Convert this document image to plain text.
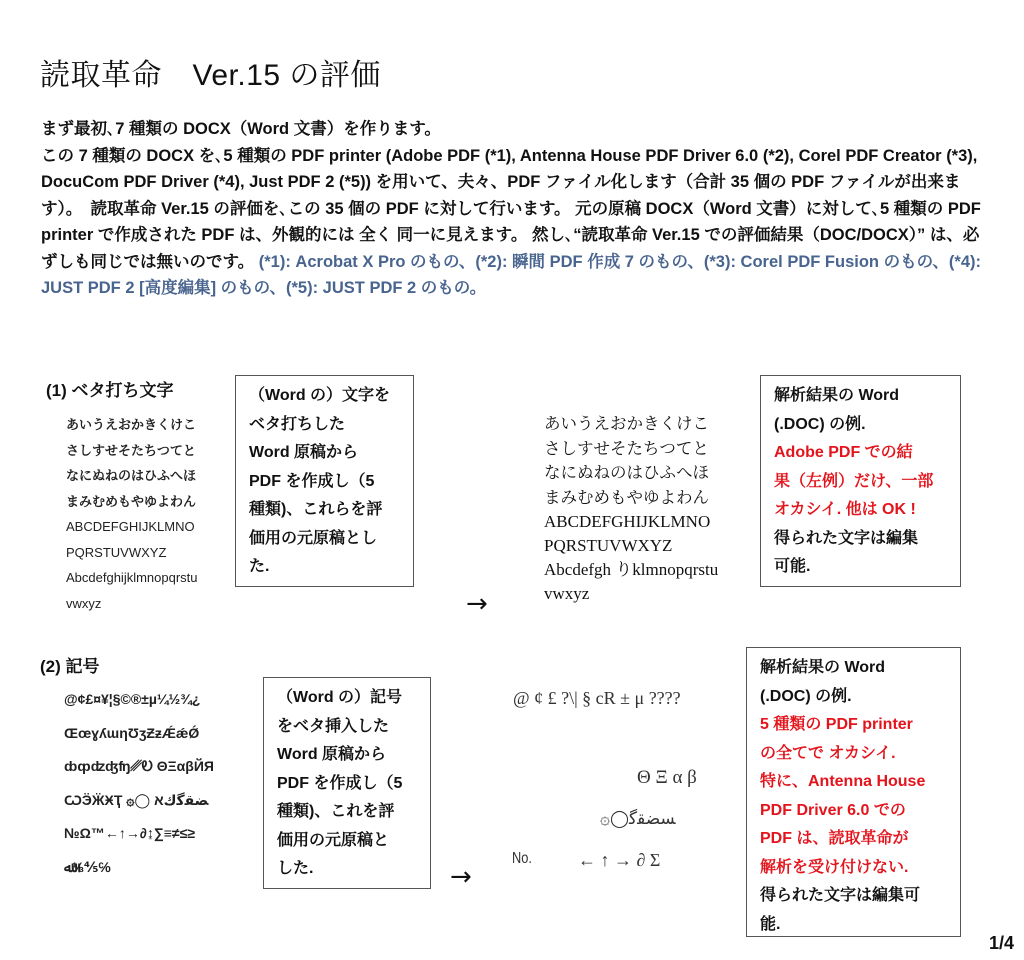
読取革命　Ver.15 の評価
まず最初､7 種類の DOCX（Word 文書）を作ります。
この 7 種類の DOCX を､5 種類の PDF printer (Adobe PDF (*1), Antenna House PDF Driver 6.0 (*2), Corel PDF Creator (*3), DocuCom PDF Driver (*4), Just PDF 2 (*5)) を用いて、夫々、PDF ファイル化します（合計 35 個の PDF ファイルが出来ます）。　読取革命 Ver.15 の評価を､この 35 個の PDF に対して行います。 元の原稿 DOCX（Word 文書）に対して､5 種類の PDF printer で作成された PDF は、外観的には 全く 同一に見えます。 然し､“読取革命 Ver.15 での評価結果（DOC/DOCX）” は、必ずしも同じでは無いのです。 (*1): Acrobat X Pro のもの、(*2): 瞬間 PDF 作成 7 のもの、(*3): Corel PDF Fusion のもの、(*4): JUST PDF 2 [高度編集] のもの、(*5): JUST PDF 2 のもの。
(1) ベタ打ち文字
あいうえおかきくけこ
さしすせそたちつてと
なにぬねのはひふへほ
まみむめもやゆよわん
ABCDEFGHIJKLMNO
PQRSTUVWXYZ
Abcdefghijklmnopqrstu
vwxyz
（Word の）文字を
ベタ打ちした
Word 原稿から
PDF を作成し（5
種類)、これらを評
価用の元原稿とし
た.
→
あいうえおかきくけこ
さしすせそたちつてと
なにぬねのはひふへほ
まみむめもやゆよわん
ABCDEFGHIJKLMNO
PQRSTUVWXYZ
Abcdefgh りklmnopqrstu
vwxyz
解析結果の Word
(.DOC) の例.
Adobe PDF での結
果（左例）だけ、一部
オカシイ. 他は OK !
得られた文字は編集
可能.
(2) 記号
@¢£¤¥¦§©®±µ¼½¾¿
ŒœɣʎɯηƱʒƵƶǼǽǾ
ȸȹʣʤʩ␥Ꭷ ΘΞαβЙЯ
ѠӬӜӾҬ ۞◯ ﻀﻘﮔكא
№Ω™←↑→∂↨∑≡≠≤≥
ﷲ⅓⅘℅
（Word の）記号
をベタ挿入した
Word 原稿から
PDF を作成し（5
種類)、これを評
価用の元原稿と
した.	→
@ ¢ £ ?\| § cR ± μ ????
Θ Ξ α β
۞◯ﺴﻀﻘﮔ
No.	← ↑ → ∂ Σ
解析結果の Word
(.DOC) の例.
5 種類の PDF printer
の全てで オカシイ.
特に、Antenna House
PDF Driver 6.0 での
PDF は、読取革命が
解析を受け付けない.
得られた文字は編集可
能.
1/4
